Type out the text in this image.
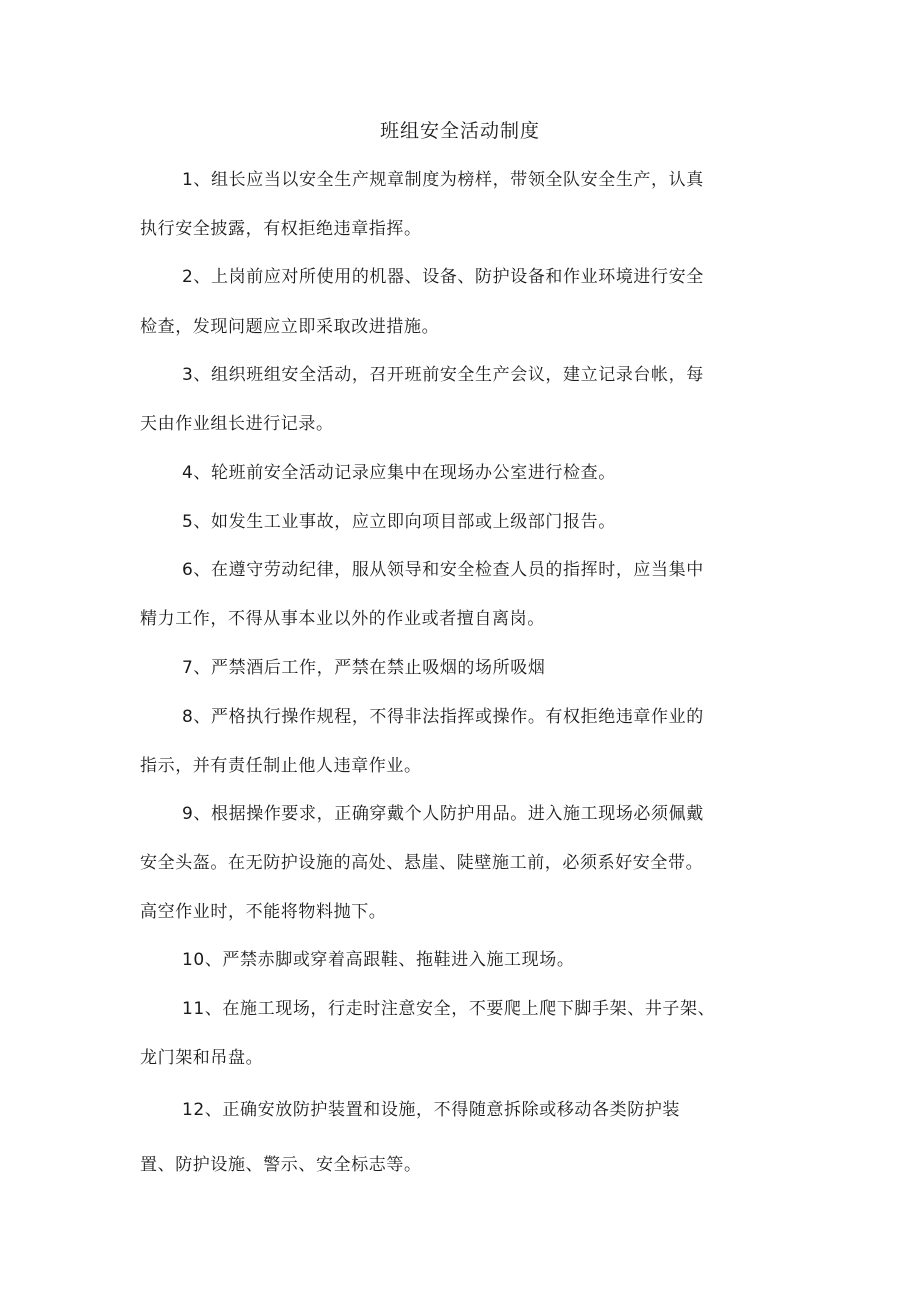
班组安全活动制度
1、组长应当以安全生产规章制度为榜样，带领全队安全生产，认真
执行安全披露，有权拒绝违章指挥。
2、上岗前应对所使用的机器、设备、防护设备和作业环境进行安全
检查，发现问题应立即采取改进措施。
3、组织班组安全活动，召开班前安全生产会议，建立记录台帐，每
天由作业组长进行记录。
4、轮班前安全活动记录应集中在现场办公室进行检查。
5、如发生工业事故，应立即向项目部或上级部门报告。
6、在遵守劳动纪律，服从领导和安全检查人员的指挥时，应当集中
精力工作，不得从事本业以外的作业或者擅自离岗。
7、严禁酒后工作，严禁在禁止吸烟的场所吸烟
8、严格执行操作规程，不得非法指挥或操作。有权拒绝违章作业的
指示，并有责任制止他人违章作业。
9、根据操作要求，正确穿戴个人防护用品。进入施工现场必须佩戴
安全头盔。在无防护设施的高处、悬崖、陡壁施工前，必须系好安全带。
高空作业时，不能将物料抛下。
10、严禁赤脚或穿着高跟鞋、拖鞋进入施工现场。
11、在施工现场，行走时注意安全，不要爬上爬下脚手架、井子架、
龙门架和吊盘。
12、正确安放防护装置和设施，不得随意拆除或移动各类防护装
置、防护设施、警示、安全标志等。
